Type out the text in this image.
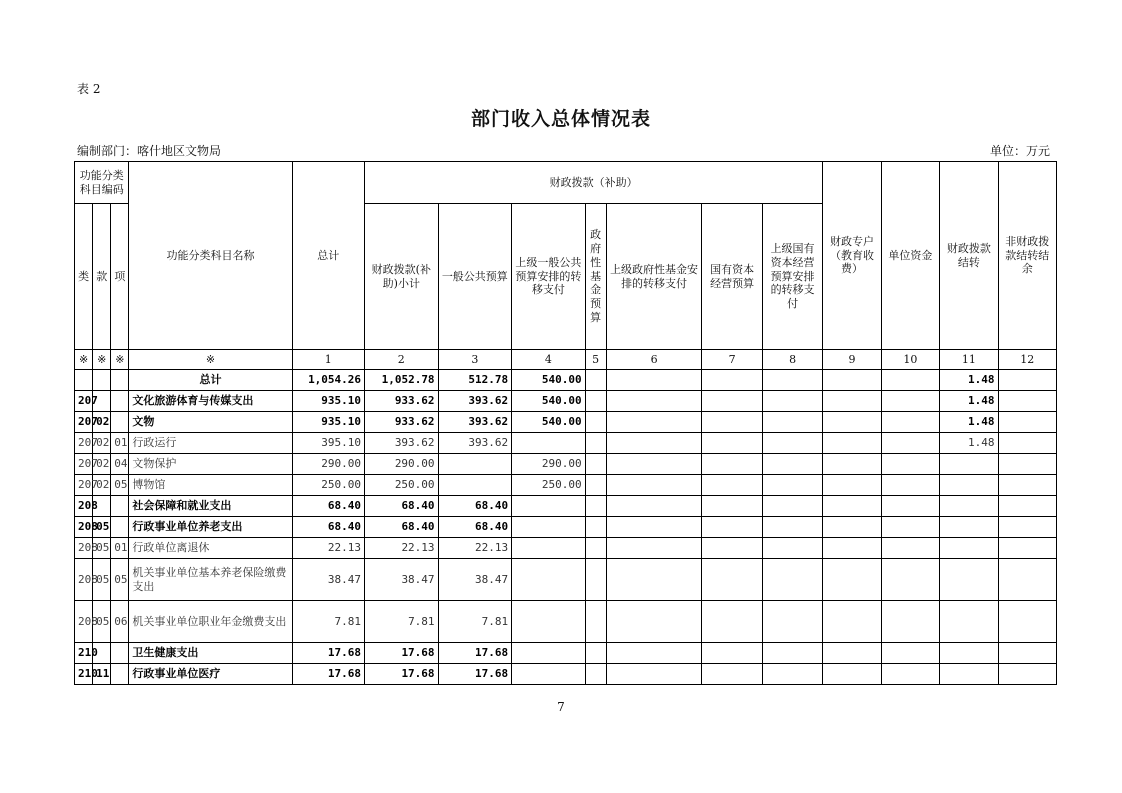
表 2
部门收入总体情况表
编制部门：喀什地区文物局	单位：万元
功能分类科目编码			功能分类科目名称	总计	财政拨款（补助）							财政专户（教育收费）	单位资金	财政拨款结转	非财政拨款结转结余
类	款	项			财政拨款(补助)小计	一般公共预算	上级一般公共预算安排的转移支付	政府性基金预算	上级政府性基金安排的转移支付	国有资本经营预算	上级国有资本经营预算安排的转移支付				
※	※	※	※	1	2	3	4	5	6	7	8	9	10	11	12
			总计	1,054.26	1,052.78	512.78	540.00							1.48	
207			文化旅游体育与传媒支出	935.10	933.62	393.62	540.00							1.48	
207	02		文物	935.10	933.62	393.62	540.00							1.48	
207	02	01	行政运行	395.10	393.62	393.62								1.48	
207	02	04	文物保护	290.00	290.00		290.00								
207	02	05	博物馆	250.00	250.00		250.00								
208			社会保障和就业支出	68.40	68.40	68.40									
208	05		行政事业单位养老支出	68.40	68.40	68.40									
208	05	01	行政单位离退休	22.13	22.13	22.13									
208	05	05	机关事业单位基本养老保险缴费支出	38.47	38.47	38.47									
208	05	06	机关事业单位职业年金缴费支出	7.81	7.81	7.81									
210			卫生健康支出	17.68	17.68	17.68									
210	11		行政事业单位医疗	17.68	17.68	17.68									
7
